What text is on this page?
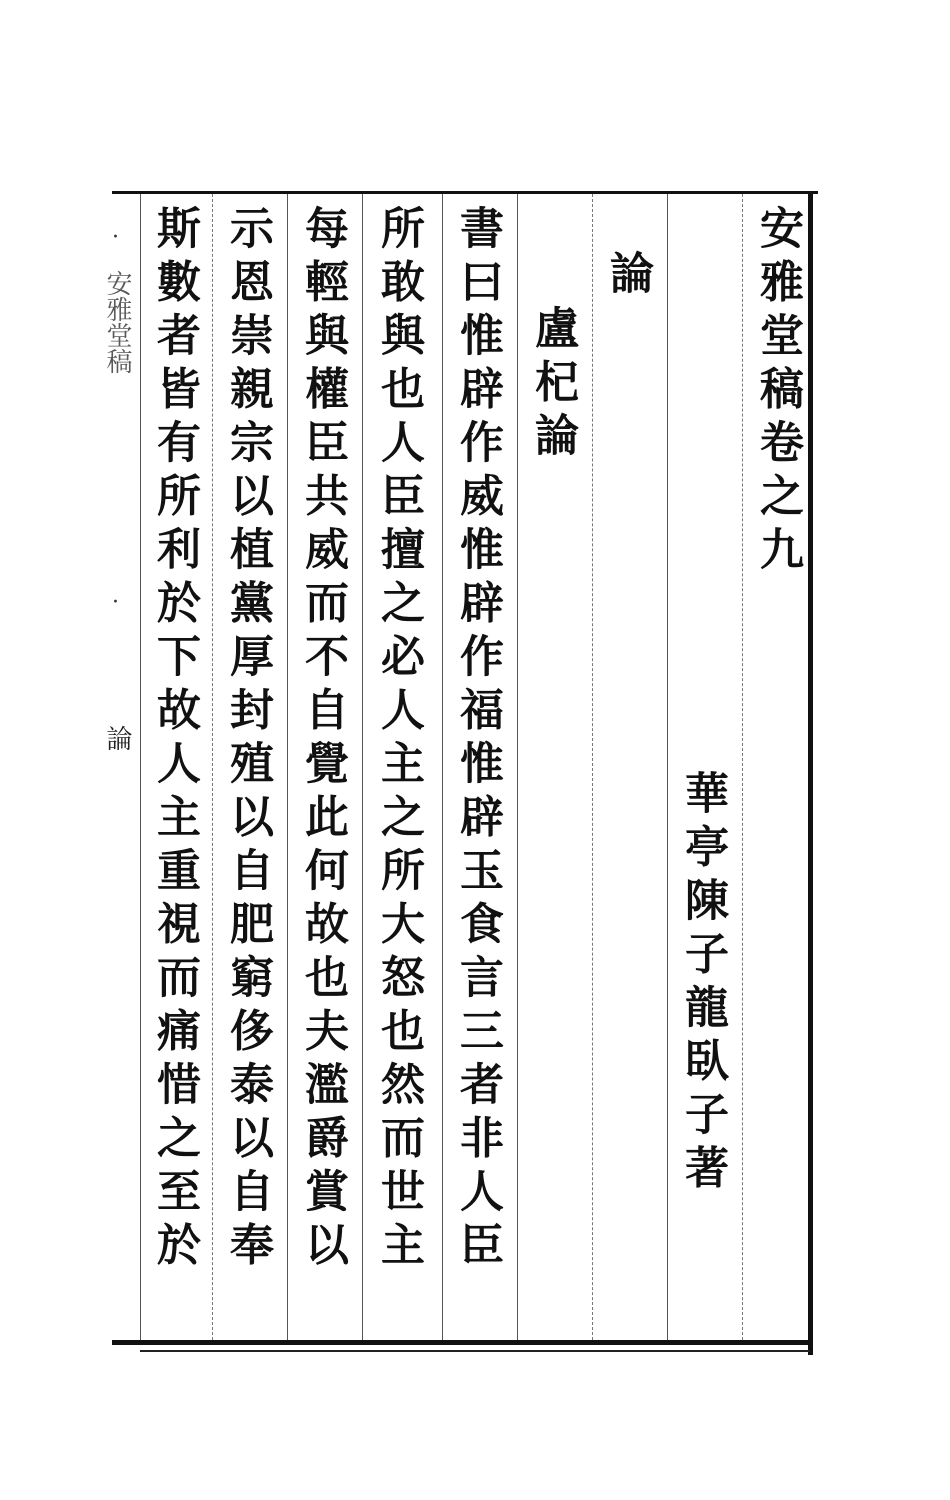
安雅堂稿卷之九
華亭陳子龍臥子著
論
盧杞論
書曰惟辟作威惟辟作福惟辟玉食言三者非人臣
所敢與也人臣擅之必人主之所大怒也然而世主
每輕與權臣共威而不自覺此何故也夫濫爵賞以
示恩崇親宗以植黨厚封殖以自肥窮侈泰以自奉
斯數者皆有所利於下故人主重視而痛惜之至於
安雅堂稿
論
·
·
